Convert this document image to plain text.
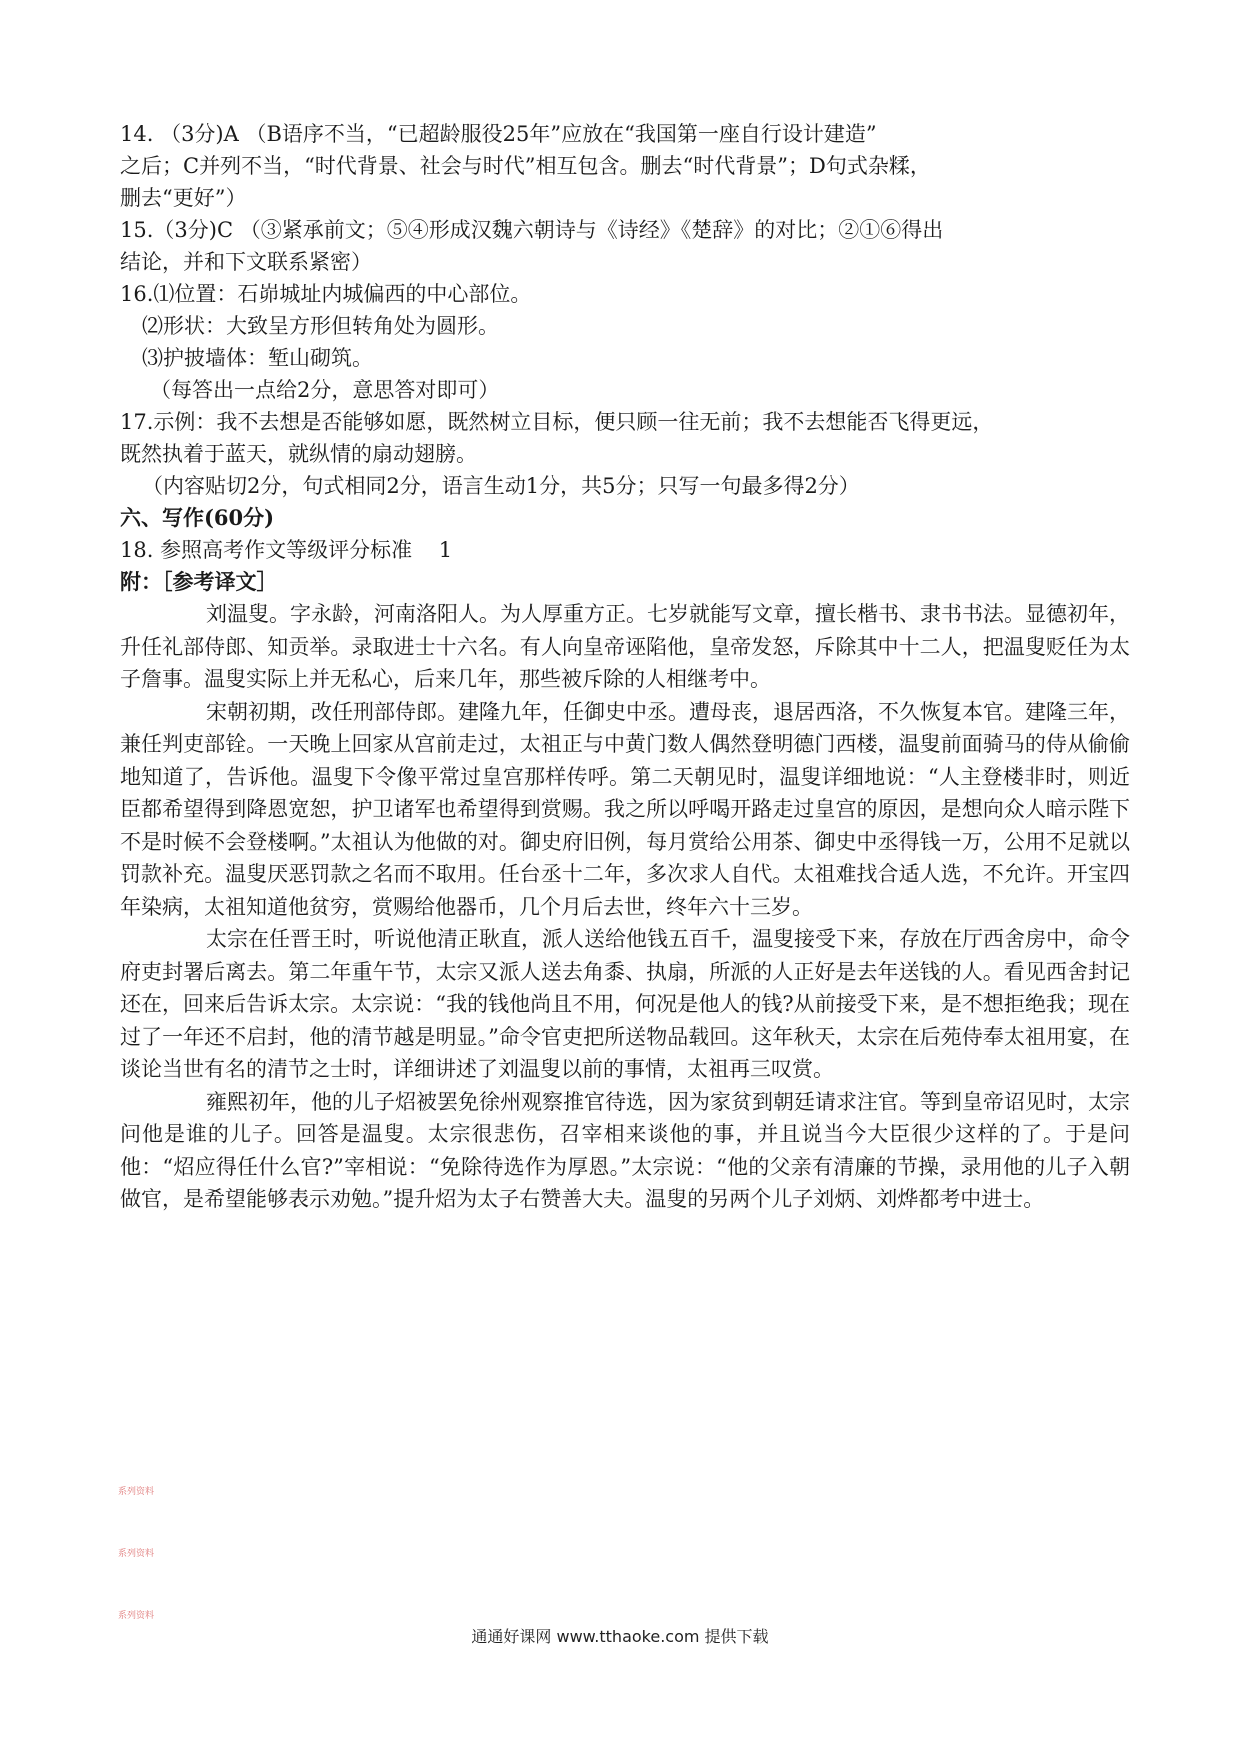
14. （3分)A （B语序不当，“已超龄服役25年”应放在“我国第一座自行设计建造”

之后；C并列不当，“时代背景、社会与时代”相互包含。删去“时代背景”；D句式杂糅，

删去“更好”）

15.（3分)C （③紧承前文；⑤④形成汉魏六朝诗与《诗经》《楚辞》的对比；②①⑥得出

结论，并和下文联系紧密）

16.⑴位置：石峁城址内城偏西的中心部位。

⑵形状：大致呈方形但转角处为圆形。

⑶护披墙体：堑山砌筑。

（每答出一点给2分，意思答对即可）

17.示例：我不去想是否能够如愿，既然树立目标，便只顾一往无前；我不去想能否飞得更远，

既然执着于蓝天，就纵情的扇动翅膀。

（内容贴切2分，句式相同2分，语言生动1分，共5分；只写一句最多得2分）

六、写作(60分)

18. 参照高考作文等级评分标准    1

附：［参考译文］

刘温叟。字永龄，河南洛阳人。为人厚重方正。七岁就能写文章，擅长楷书、隶书书法。显德初年，升任礼部侍郎、知贡举。录取进士十六名。有人向皇帝诬陷他，皇帝发怒，斥除其中十二人，把温叟贬任为太子詹事。温叟实际上并无私心，后来几年，那些被斥除的人相继考中。

宋朝初期，改任刑部侍郎。建隆九年，任御史中丞。遭母丧，退居西洛，不久恢复本官。建隆三年，兼任判吏部铨。一天晚上回家从宫前走过，太祖正与中黄门数人偶然登明德门西楼，温叟前面骑马的侍从偷偷地知道了，告诉他。温叟下令像平常过皇宫那样传呼。第二天朝见时，温叟详细地说：“人主登楼非时，则近臣都希望得到降恩宽恕，护卫诸军也希望得到赏赐。我之所以呼喝开路走过皇宫的原因，是想向众人暗示陛下不是时候不会登楼啊。”太祖认为他做的对。御史府旧例，每月赏给公用茶、御史中丞得钱一万，公用不足就以罚款补充。温叟厌恶罚款之名而不取用。任台丞十二年，多次求人自代。太祖难找合适人选，不允许。开宝四年染病，太祖知道他贫穷，赏赐给他器币，几个月后去世，终年六十三岁。

太宗在任晋王时，听说他清正耿直，派人送给他钱五百千，温叟接受下来，存放在厅西舍房中，命令府吏封署后离去。第二年重午节，太宗又派人送去角黍、执扇，所派的人正好是去年送钱的人。看见西舍封记还在，回来后告诉太宗。太宗说：“我的钱他尚且不用，何况是他人的钱?从前接受下来，是不想拒绝我；现在过了一年还不启封，他的清节越是明显。”命令官吏把所送物品载回。这年秋天，太宗在后苑侍奉太祖用宴，在谈论当世有名的清节之士时，详细讲述了刘温叟以前的事情，太祖再三叹赏。

雍熙初年，他的儿子炤被罢免徐州观察推官待选，因为家贫到朝廷请求注官。等到皇帝诏见时，太宗问他是谁的儿子。回答是温叟。太宗很悲伤，召宰相来谈他的事，并且说当今大臣很少这样的了。于是问他：“炤应得任什么官?”宰相说：“免除待选作为厚恩。”太宗说：“他的父亲有清廉的节操，录用他的儿子入朝做官，是希望能够表示劝勉。”提升炤为太子右赞善大夫。温叟的另两个儿子刘炳、刘烨都考中进士。

系列资料
系列资料
系列资料
通通好课网 www.tthaoke.com 提供下载
